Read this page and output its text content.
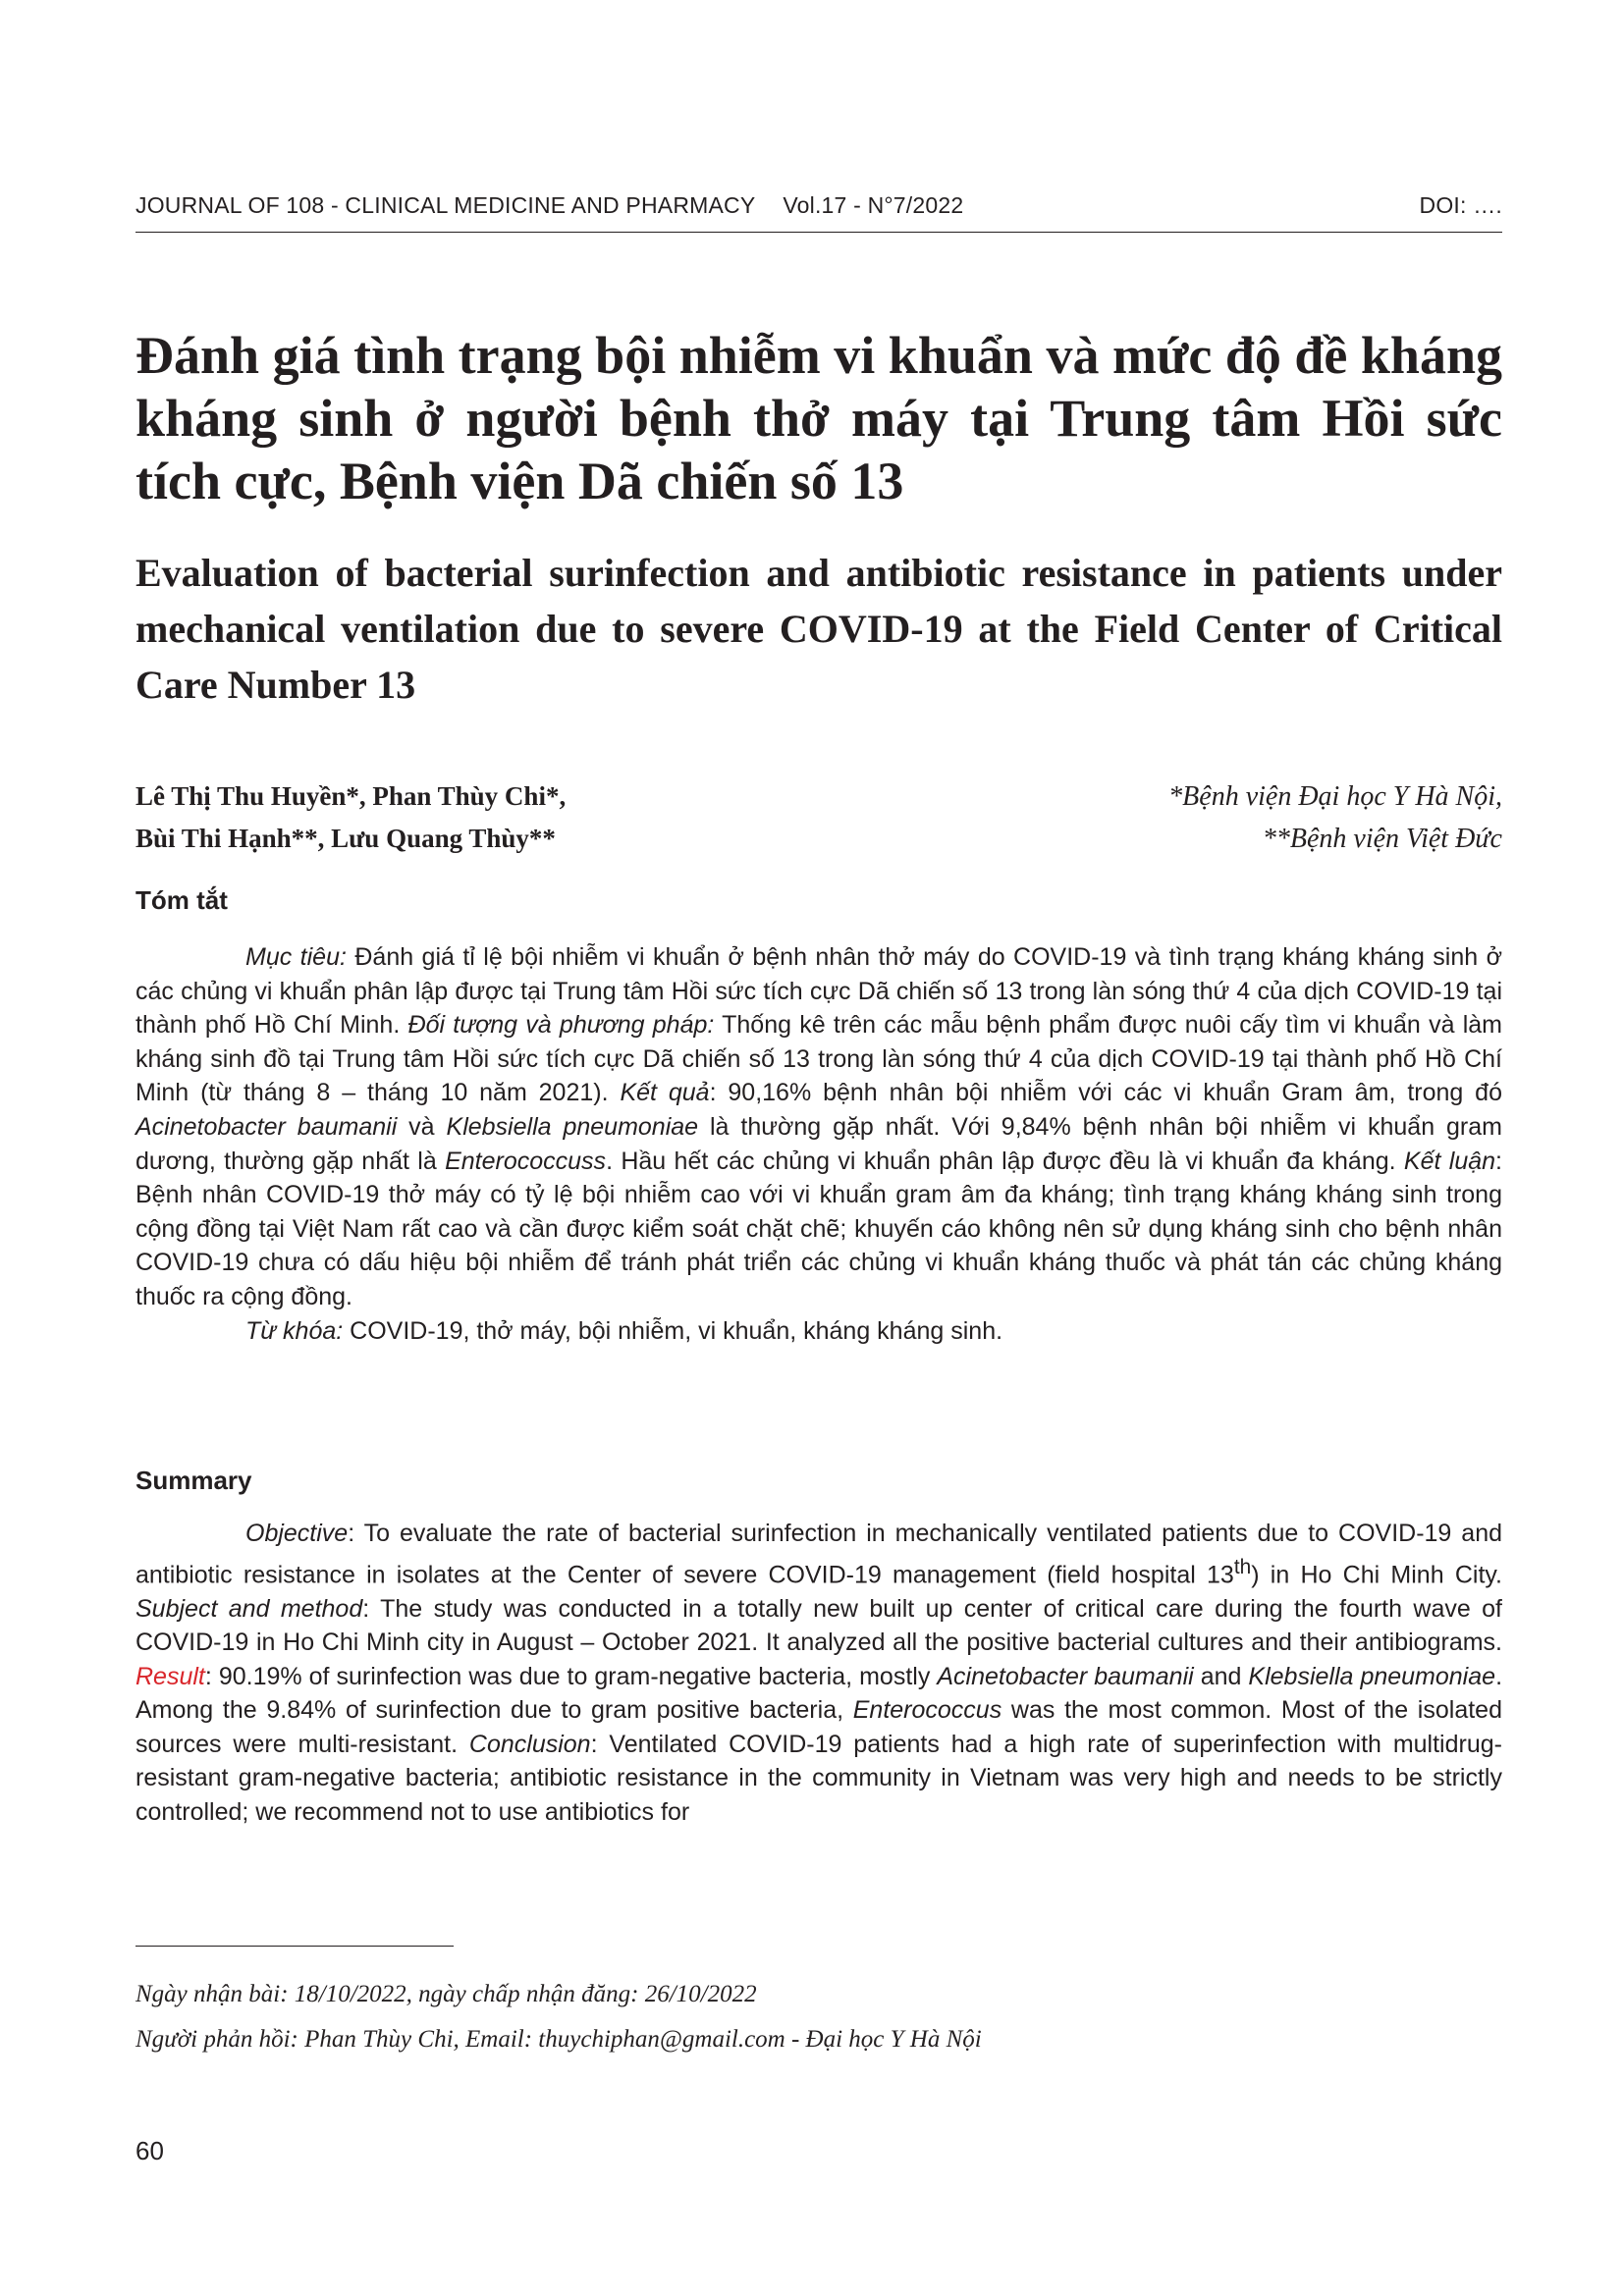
JOURNAL OF 108 - CLINICAL MEDICINE AND PHARMACY Vol.17 - N°7/2022	DOI: ….
Đánh giá tình trạng bội nhiễm vi khuẩn và mức độ đề kháng kháng sinh ở người bệnh thở máy tại Trung tâm Hồi sức tích cực, Bệnh viện Dã chiến số 13
Evaluation of bacterial surinfection and antibiotic resistance in patients under mechanical ventilation due to severe COVID-19 at the Field Center of Critical Care Number 13
Lê Thị Thu Huyền*, Phan Thùy Chi*,
Bùi Thi Hạnh**, Lưu Quang Thùy**
*Bệnh viện Đại học Y Hà Nội,
**Bệnh viện Việt Đức
Tóm tắt

Mục tiêu: Đánh giá tỉ lệ bội nhiễm vi khuẩn ở bệnh nhân thở máy do COVID-19 và tình trạng kháng kháng sinh ở các chủng vi khuẩn phân lập được tại Trung tâm Hồi sức tích cực Dã chiến số 13 trong làn sóng thứ 4 của dịch COVID-19 tại thành phố Hồ Chí Minh. Đối tượng và phương pháp: Thống kê trên các mẫu bệnh phẩm được nuôi cấy tìm vi khuẩn và làm kháng sinh đồ tại Trung tâm Hồi sức tích cực Dã chiến số 13 trong làn sóng thứ 4 của dịch COVID-19 tại thành phố Hồ Chí Minh (từ tháng 8 – tháng 10 năm 2021). Kết quả: 90,16% bệnh nhân bội nhiễm với các vi khuẩn Gram âm, trong đó Acinetobacter baumanii và Klebsiella pneumoniae là thường gặp nhất. Với 9,84% bệnh nhân bội nhiễm vi khuẩn gram dương, thường gặp nhất là Enterococcuss. Hầu hết các chủng vi khuẩn phân lập được đều là vi khuẩn đa kháng. Kết luận: Bệnh nhân COVID-19 thở máy có tỷ lệ bội nhiễm cao với vi khuẩn gram âm đa kháng; tình trạng kháng kháng sinh trong cộng đồng tại Việt Nam rất cao và cần được kiểm soát chặt chẽ; khuyến cáo không nên sử dụng kháng sinh cho bệnh nhân COVID-19 chưa có dấu hiệu bội nhiễm để tránh phát triển các chủng vi khuẩn kháng thuốc và phát tán các chủng kháng thuốc ra cộng đồng.

Từ khóa: COVID-19, thở máy, bội nhiễm, vi khuẩn, kháng kháng sinh.

Summary

Objective: To evaluate the rate of bacterial surinfection in mechanically ventilated patients due to COVID-19 and antibiotic resistance in isolates at the Center of severe COVID-19 management (field hospital 13th) in Ho Chi Minh City. Subject and method: The study was conducted in a totally new built up center of critical care during the fourth wave of COVID-19 in Ho Chi Minh city in August – October 2021. It analyzed all the positive bacterial cultures and their antibiograms. Result: 90.19% of surinfection was due to gram-negative bacteria, mostly Acinetobacter baumanii and Klebsiella pneumoniae. Among the 9.84% of surinfection due to gram positive bacteria, Enterococcus was the most common. Most of the isolated sources were multi-resistant. Conclusion: Ventilated COVID-19 patients had a high rate of superinfection with multidrug-resistant gram-negative bacteria; antibiotic resistance in the community in Vietnam was very high and needs to be strictly controlled; we recommend not to use antibiotics for

Ngày nhận bài: 18/10/2022, ngày chấp nhận đăng: 26/10/2022
Người phản hồi: Phan Thùy Chi, Email: thuychiphan@gmail.com - Đại học Y Hà Nội
60
